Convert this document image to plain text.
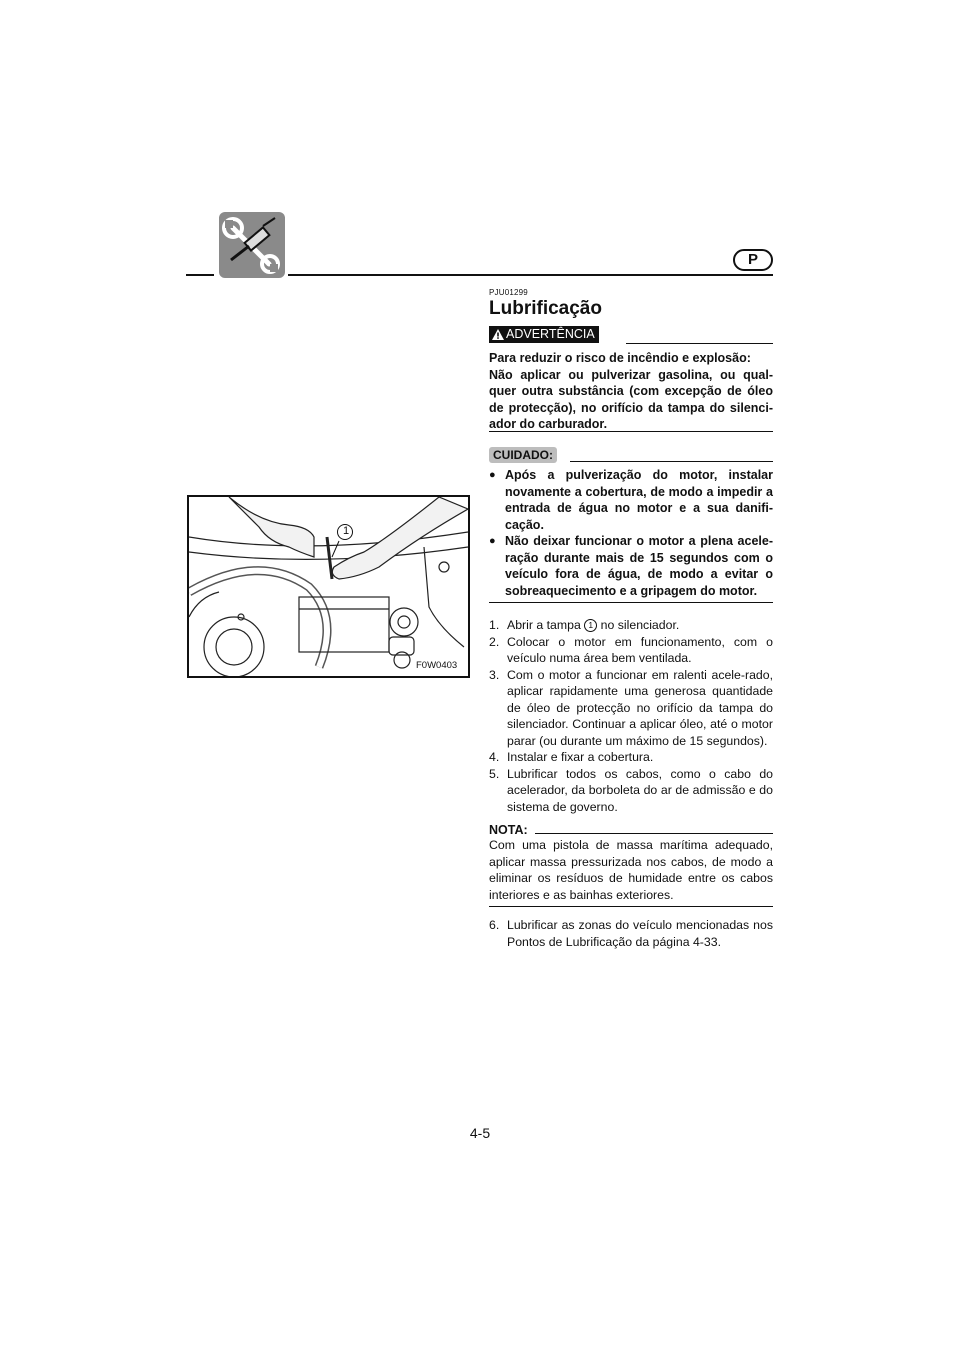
P
PJU01299
Lubrificação
ADVERTÊNCIA
Para reduzir o risco de incêndio e explosão:
Não aplicar ou pulverizar gasolina, ou qual-quer outra substância (com excepção de óleo de protecção), no orifício da tampa do silenci-ador do carburador.
CUIDADO:
● Após a pulverização do motor, instalar novamente a cobertura, de modo a impedir a entrada de água no motor e a sua danifi-cação.
● Não deixar funcionar o motor a plena acele-ração durante mais de 15 segundos com o veículo fora de água, de modo a evitar o sobreaquecimento e a gripagem do motor.
1. Abrir a tampa 1 no silenciador.
2. Colocar o motor em funcionamento, com o veículo numa área bem ventilada.
3. Com o motor a funcionar em ralenti acele-rado, aplicar rapidamente uma generosa quantidade de óleo de protecção no orifício da tampa do silenciador. Continuar a aplicar óleo, até o motor parar (ou durante um máximo de 15 segundos).
4. Instalar e fixar a cobertura.
5. Lubrificar todos os cabos, como o cabo do acelerador, da borboleta do ar de admissão e do sistema de governo.
NOTA:
Com uma pistola de massa marítima adequado, aplicar massa pressurizada nos cabos, de modo a eliminar os resíduos de humidade entre os cabos interiores e as bainhas exteriores.
6. Lubrificar as zonas do veículo mencionadas nos Pontos de Lubrificação da página 4-33.
1
F0W0403
4-5
